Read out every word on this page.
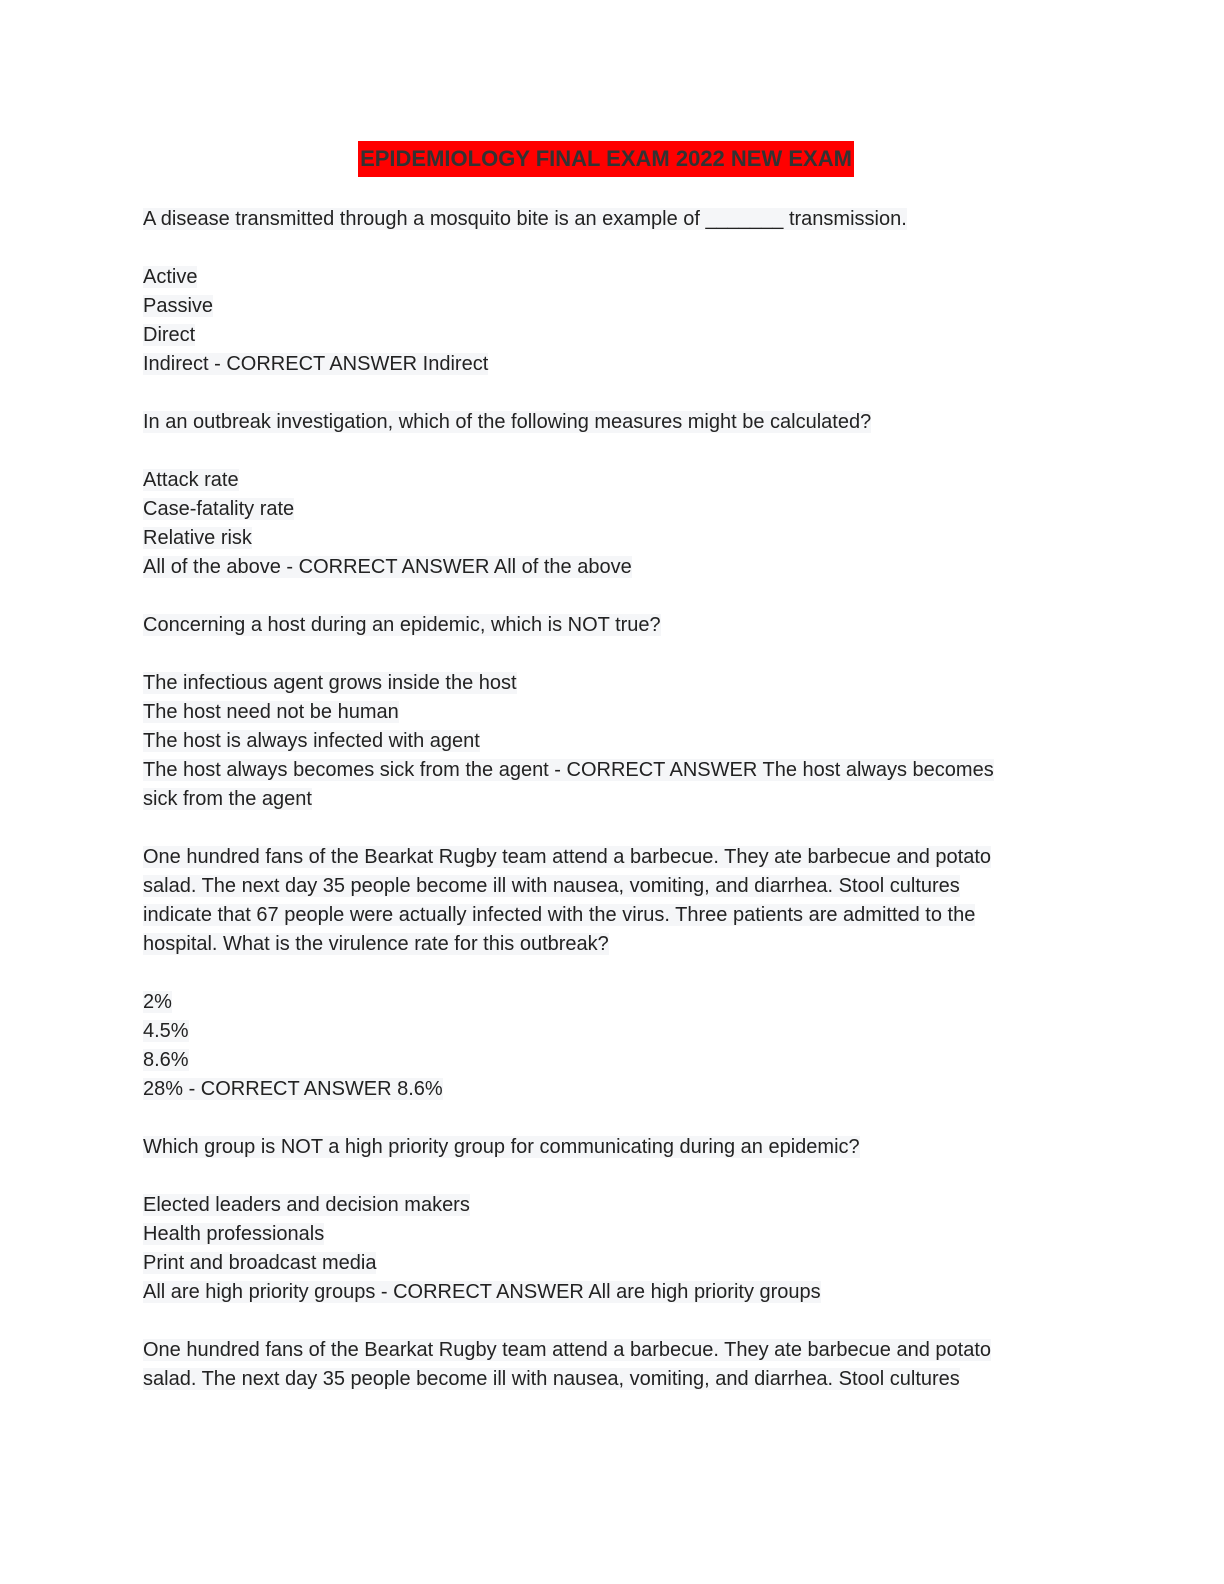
EPIDEMIOLOGY FINAL EXAM 2022 NEW EXAM
A disease transmitted through a mosquito bite is an example of _______ transmission.
Active
Passive
Direct
Indirect - CORRECT ANSWER Indirect
In an outbreak investigation, which of the following measures might be calculated?
Attack rate
Case-fatality rate
Relative risk
All of the above - CORRECT ANSWER All of the above
Concerning a host during an epidemic, which is NOT true?
The infectious agent grows inside the host
The host need not be human
The host is always infected with agent
The host always becomes sick from the agent - CORRECT ANSWER The host always becomes
sick from the agent
One hundred fans of the Bearkat Rugby team attend a barbecue. They ate barbecue and potato
salad. The next day 35 people become ill with nausea, vomiting, and diarrhea. Stool cultures
indicate that 67 people were actually infected with the virus. Three patients are admitted to the
hospital. What is the virulence rate for this outbreak?
2%
4.5%
8.6%
28% - CORRECT ANSWER 8.6%
Which group is NOT a high priority group for communicating during an epidemic?
Elected leaders and decision makers
Health professionals
Print and broadcast media
All are high priority groups - CORRECT ANSWER All are high priority groups
One hundred fans of the Bearkat Rugby team attend a barbecue. They ate barbecue and potato
salad. The next day 35 people become ill with nausea, vomiting, and diarrhea. Stool cultures
